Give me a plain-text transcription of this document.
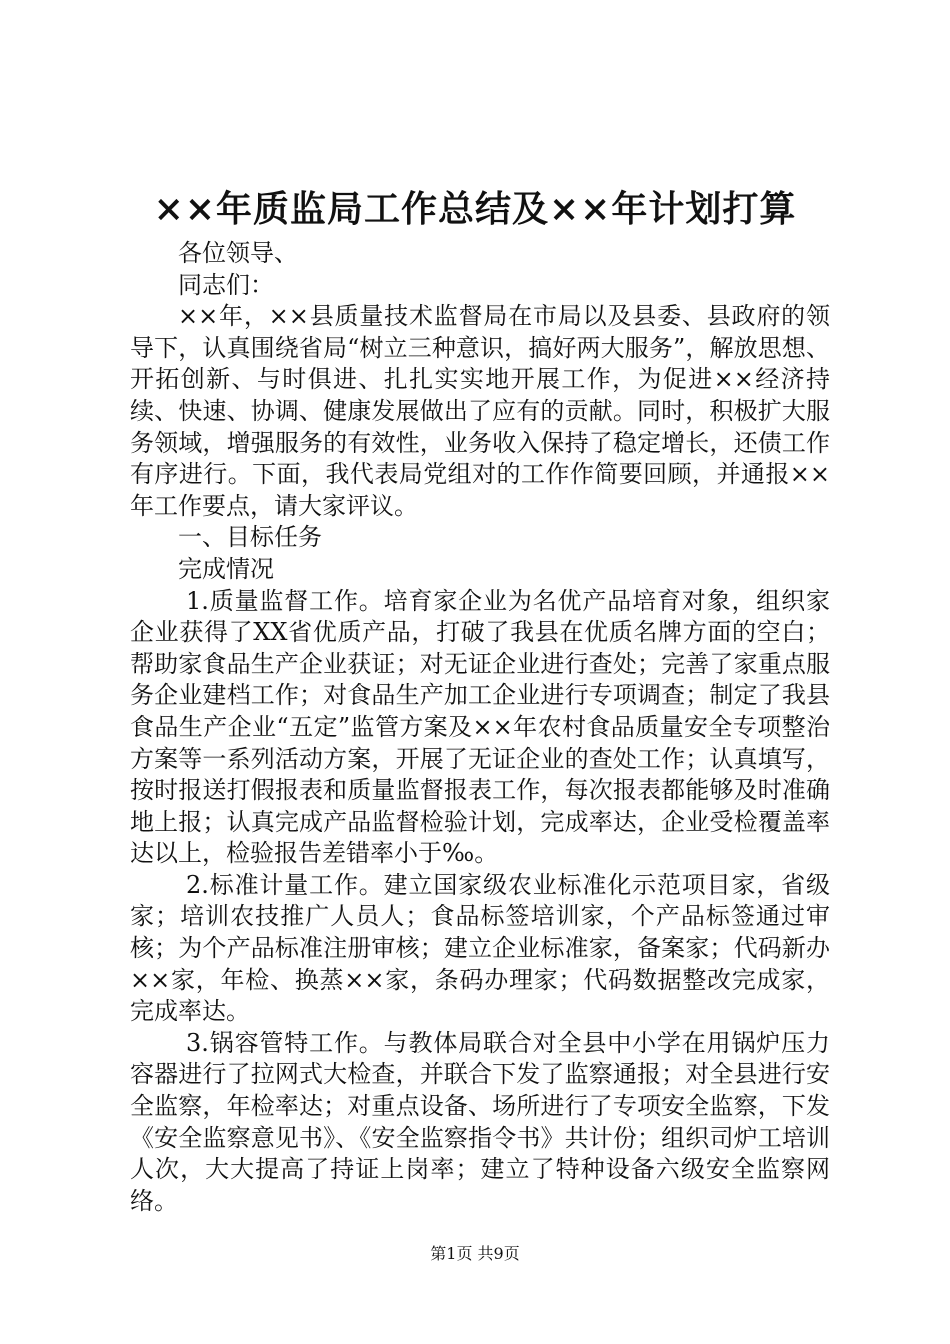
××年质监局工作总结及××年计划打算

各位领导、

同志们：

××年，××县质量技术监督局在市局以及县委、县政府的领导下，认真围绕省局“树立三种意识，搞好两大服务”，解放思想、开拓创新、与时俱进、扎扎实实地开展工作，为促进××经济持续、快速、协调、健康发展做出了应有的贡献。同时，积极扩大服务领域，增强服务的有效性，业务收入保持了稳定增长，还债工作有序进行。下面，我代表局党组对的工作作简要回顾，并通报××年工作要点，请大家评议。

一、目标任务

完成情况

1.质量监督工作。培育家企业为名优产品培育对象，组织家企业获得了XX省优质产品，打破了我县在优质名牌方面的空白；帮助家食品生产企业获证；对无证企业进行查处；完善了家重点服务企业建档工作；对食品生产加工企业进行专项调查；制定了我县食品生产企业“五定”监管方案及××年农村食品质量安全专项整治方案等一系列活动方案，开展了无证企业的查处工作；认真填写，按时报送打假报表和质量监督报表工作，每次报表都能够及时准确地上报；认真完成产品监督检验计划，完成率达，企业受检覆盖率达以上，检验报告差错率小于‰。

2.标准计量工作。建立国家级农业标准化示范项目家，省级家；培训农技推广人员人；食品标签培训家，个产品标签通过审核；为个产品标准注册审核；建立企业标准家，备案家；代码新办××家，年检、换蒸××家，条码办理家；代码数据整改完成家，完成率达。

3.锅容管特工作。与教体局联合对全县中小学在用锅炉压力容器进行了拉网式大检查，并联合下发了监察通报；对全县进行安全监察，年检率达；对重点设备、场所进行了专项安全监察，下发《安全监察意见书》、《安全监察指令书》共计份；组织司炉工培训人次，大大提高了持证上岗率；建立了特种设备六级安全监察网络。

第1页 共9页
